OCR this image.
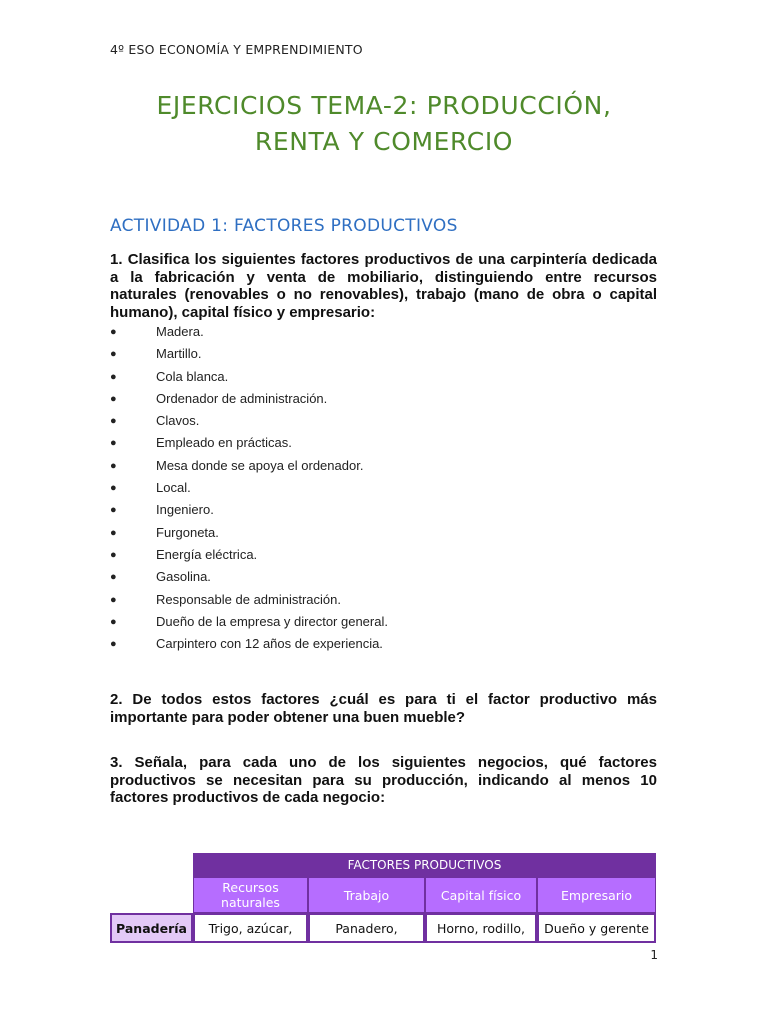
4º ESO ECONOMÍA Y EMPRENDIMIENTO
EJERCICIOS TEMA-2: PRODUCCIÓN,
RENTA Y COMERCIO
ACTIVIDAD 1: FACTORES PRODUCTIVOS
1. Clasifica los siguientes factores productivos de una carpintería dedicada a la fabricación y venta de mobiliario, distinguiendo entre recursos naturales (renovables o no renovables), trabajo (mano de obra o capital humano), capital físico y empresario:
●	Madera.
●	Martillo.
●	Cola blanca.
●	Ordenador de administración.
●	Clavos.
●	Empleado en prácticas.
●	Mesa donde se apoya el ordenador.
●	Local.
●	Ingeniero.
●	Furgoneta.
●	Energía eléctrica.
●	Gasolina.
●	Responsable de administración.
●	Dueño de la empresa y director general.
●	Carpintero con 12 años de experiencia.
2. De todos estos factores ¿cuál es para ti el factor productivo más importante para poder obtener una buen mueble?
3. Señala, para cada uno de los siguientes negocios, qué factores productivos se necesitan para su producción, indicando al menos 10 factores productivos de cada negocio:
	FACTORES PRODUCTIVOS			
	Recursos naturales	Trabajo	Capital físico	Empresario
Panadería	Trigo, azúcar,	Panadero,	Horno, rodillo,	Dueño y gerente
1
